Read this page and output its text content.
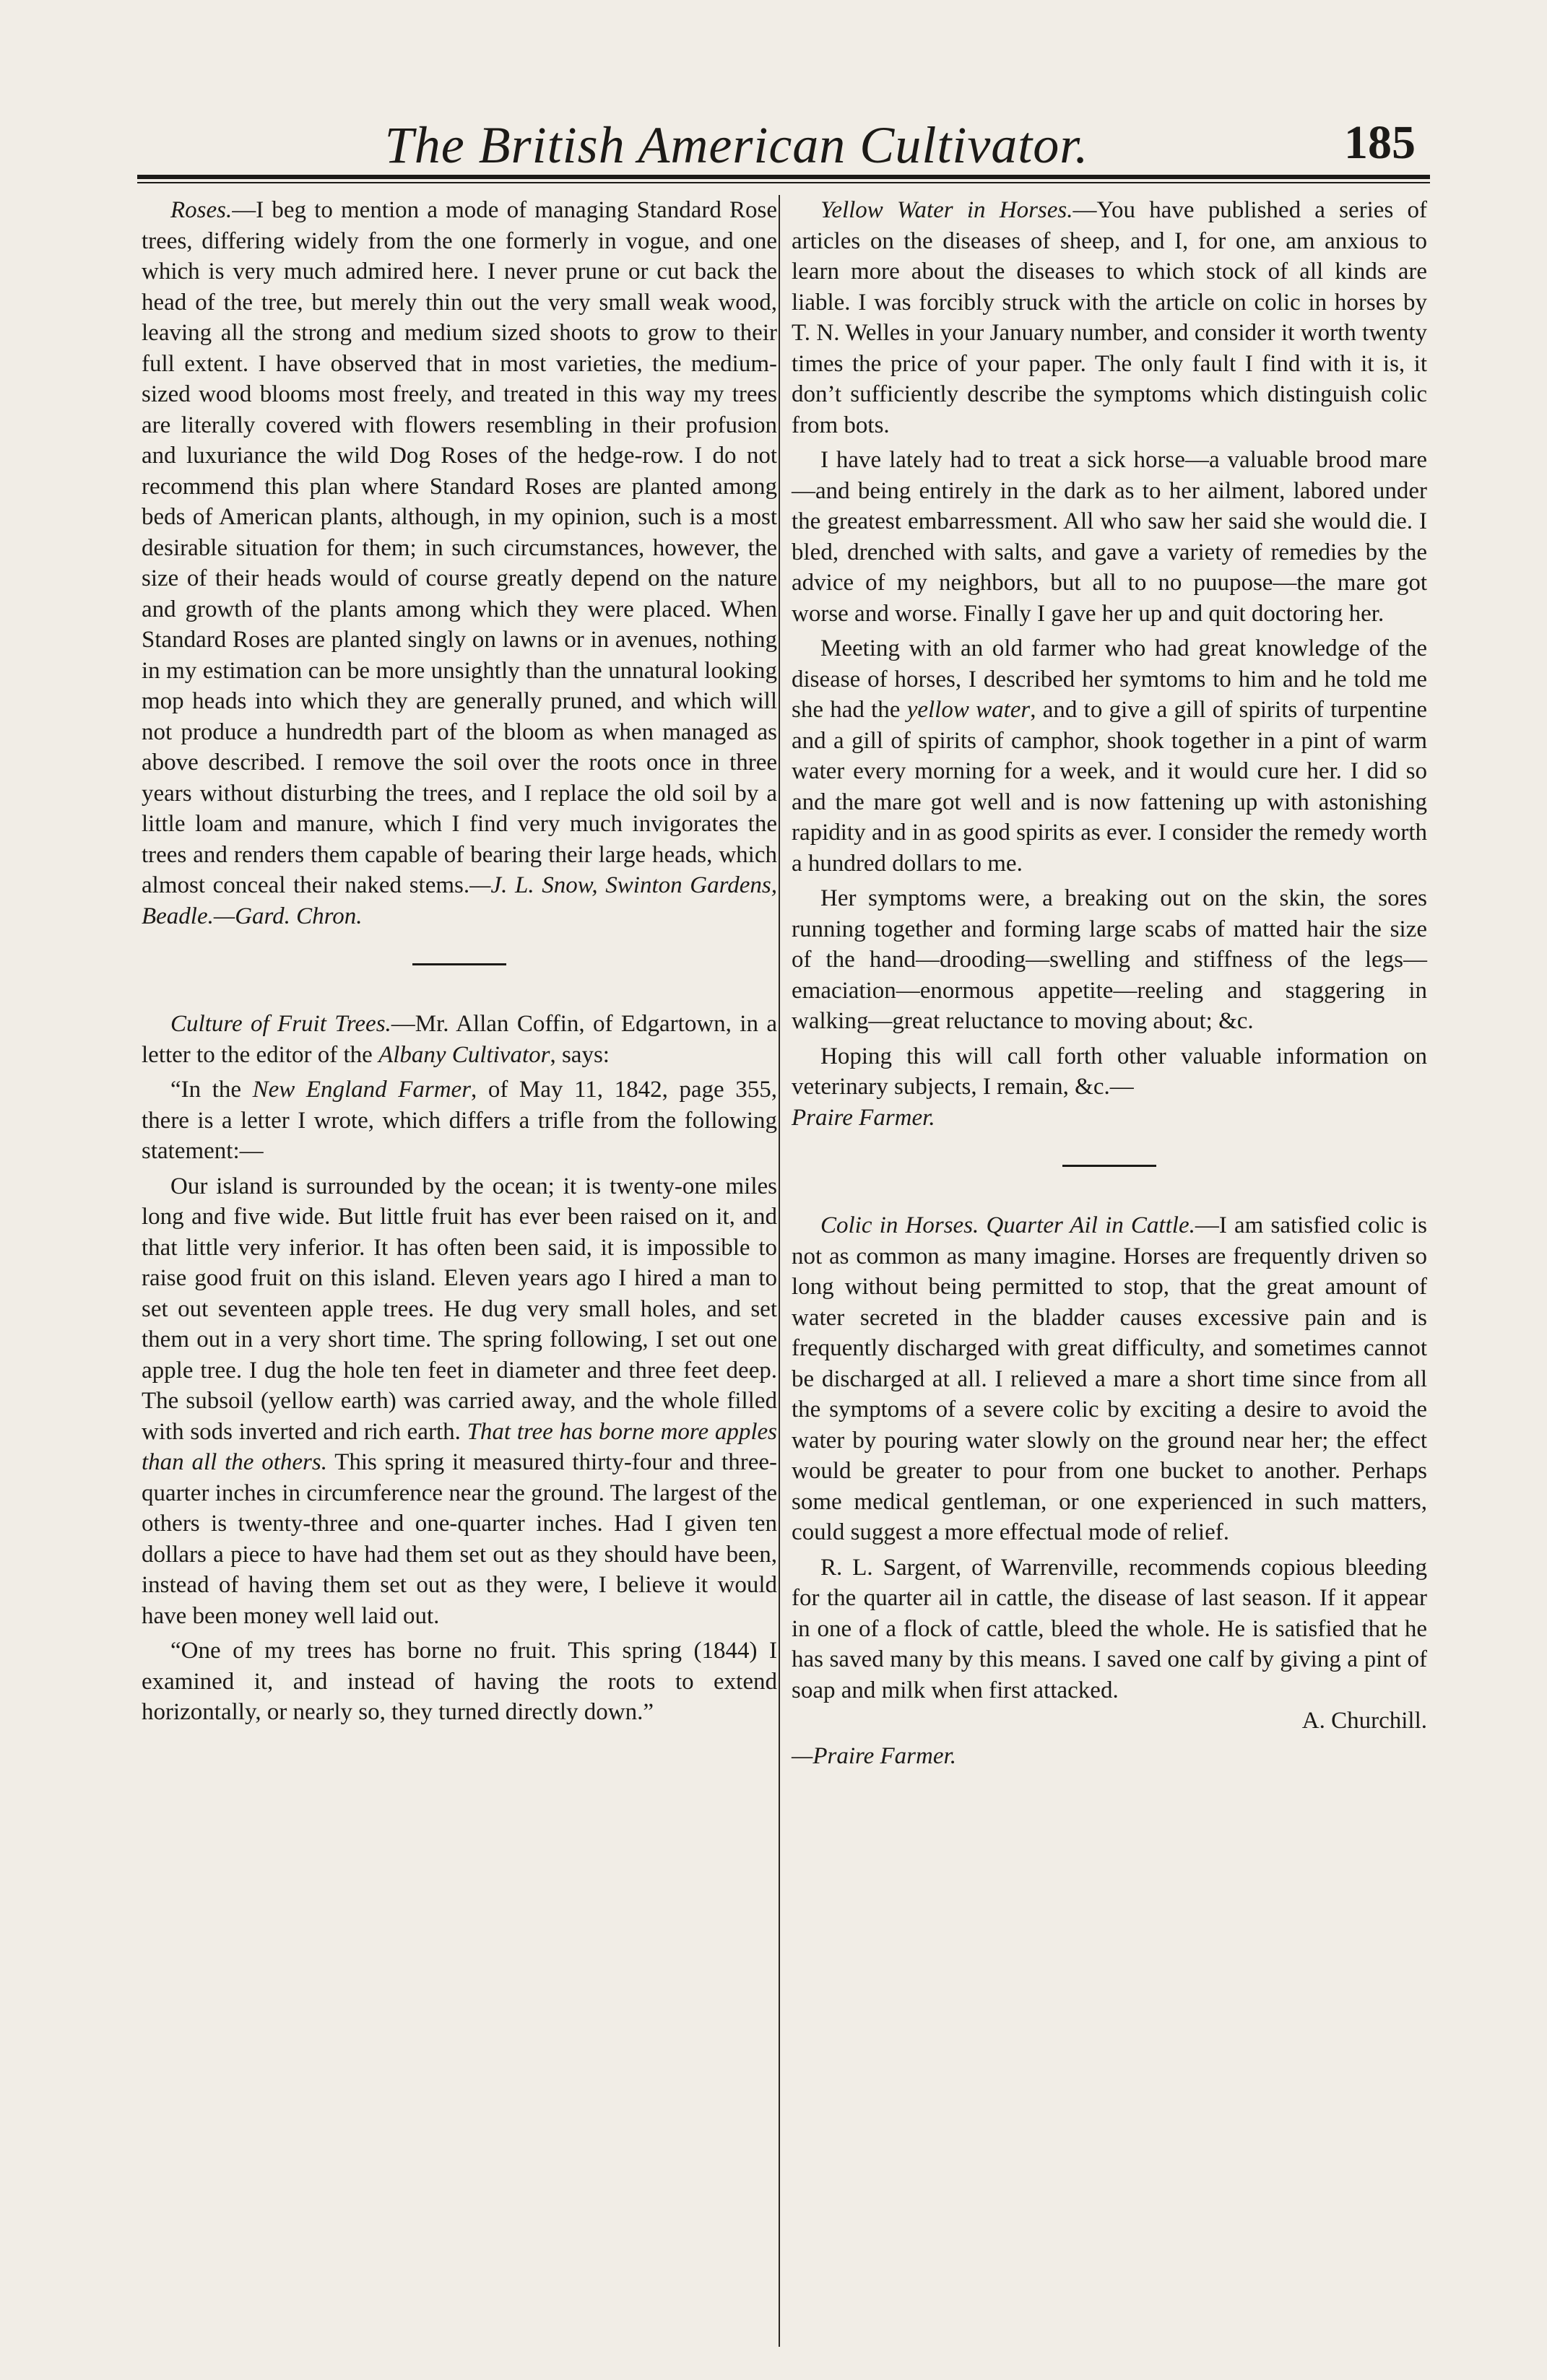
The British American Cultivator.	185

Roses.—I beg to mention a mode of managing Standard Rose trees, differing widely from the one formerly in vogue, and one which is very much admired here. I never prune or cut back the head of the tree, but merely thin out the very small weak wood, leaving all the strong and medium sized shoots to grow to their full extent. I have observed that in most varieties, the medium-sized wood blooms most freely, and treated in this way my trees are literally covered with flowers resembling in their profusion and luxuriance the wild Dog Roses of the hedge-row. I do not recommend this plan where Standard Roses are planted among beds of American plants, although, in my opinion, such is a most desirable situation for them; in such circumstances, however, the size of their heads would of course greatly depend on the nature and growth of the plants among which they were placed. When Standard Roses are planted singly on lawns or in avenues, nothing in my estimation can be more unsightly than the unnatural looking mop heads into which they are generally pruned, and which will not produce a hundredth part of the bloom as when managed as above described. I remove the soil over the roots once in three years without disturbing the trees, and I replace the old soil by a little loam and manure, which I find very much invigorates the trees and renders them capable of bearing their large heads, which almost conceal their naked stems.—J. L. Snow, Swinton Gardens, Beadle.—Gard. Chron.

Culture of Fruit Trees.—Mr. Allan Coffin, of Edgartown, in a letter to the editor of the Albany Cultivator, says:

“In the New England Farmer, of May 11, 1842, page 355, there is a letter I wrote, which differs a trifle from the following statement:—

Our island is surrounded by the ocean; it is twenty-one miles long and five wide. But little fruit has ever been raised on it, and that little very inferior. It has often been said, it is impossible to raise good fruit on this island. Eleven years ago I hired a man to set out seventeen apple trees. He dug very small holes, and set them out in a very short time. The spring following, I set out one apple tree. I dug the hole ten feet in diameter and three feet deep. The subsoil (yellow earth) was carried away, and the whole filled with sods inverted and rich earth. That tree has borne more apples than all the others. This spring it measured thirty-four and three-quarter inches in circumference near the ground. The largest of the others is twenty-three and one-quarter inches. Had I given ten dollars a piece to have had them set out as they should have been, instead of having them set out as they were, I believe it would have been money well laid out.

“One of my trees has borne no fruit. This spring (1844) I examined it, and instead of having the roots to extend horizontally, or nearly so, they turned directly down.”

Yellow Water in Horses.—You have published a series of articles on the diseases of sheep, and I, for one, am anxious to learn more about the diseases to which stock of all kinds are liable. I was forcibly struck with the article on colic in horses by T. N. Welles in your January number, and consider it worth twenty times the price of your paper. The only fault I find with it is, it don’t sufficiently describe the symptoms which distinguish colic from bots.

I have lately had to treat a sick horse—a valuable brood mare—and being entirely in the dark as to her ailment, labored under the greatest embarressment. All who saw her said she would die. I bled, drenched with salts, and gave a variety of remedies by the advice of my neighbors, but all to no puupose—the mare got worse and worse. Finally I gave her up and quit doctoring her.

Meeting with an old farmer who had great knowledge of the disease of horses, I described her symtoms to him and he told me she had the yellow water, and to give a gill of spirits of turpentine and a gill of spirits of camphor, shook together in a pint of warm water every morning for a week, and it would cure her. I did so and the mare got well and is now fattening up with astonishing rapidity and in as good spirits as ever. I consider the remedy worth a hundred dollars to me.

Her symptoms were, a breaking out on the skin, the sores running together and forming large scabs of matted hair the size of the hand—drooding—swelling and stiffness of the legs—emaciation—enormous appetite—reeling and staggering in walking—great reluctance to moving about; &c.

Hoping this will call forth other valuable information on veterinary subjects, I remain, &c.—

Praire Farmer.

Colic in Horses. Quarter Ail in Cattle.—I am satisfied colic is not as common as many imagine. Horses are frequently driven so long without being permitted to stop, that the great amount of water secreted in the bladder causes excessive pain and is frequently discharged with great difficulty, and sometimes cannot be discharged at all. I relieved a mare a short time since from all the symptoms of a severe colic by exciting a desire to avoid the water by pouring water slowly on the ground near her; the effect would be greater to pour from one bucket to another. Perhaps some medical gentleman, or one experienced in such matters, could suggest a more effectual mode of relief.

R. L. Sargent, of Warrenville, recommends copious bleeding for the quarter ail in cattle, the disease of last season. If it appear in one of a flock of cattle, bleed the whole. He is satisfied that he has saved many by this means. I saved one calf by giving a pint of soap and milk when first attacked.

A. Churchill.

—Praire Farmer.
